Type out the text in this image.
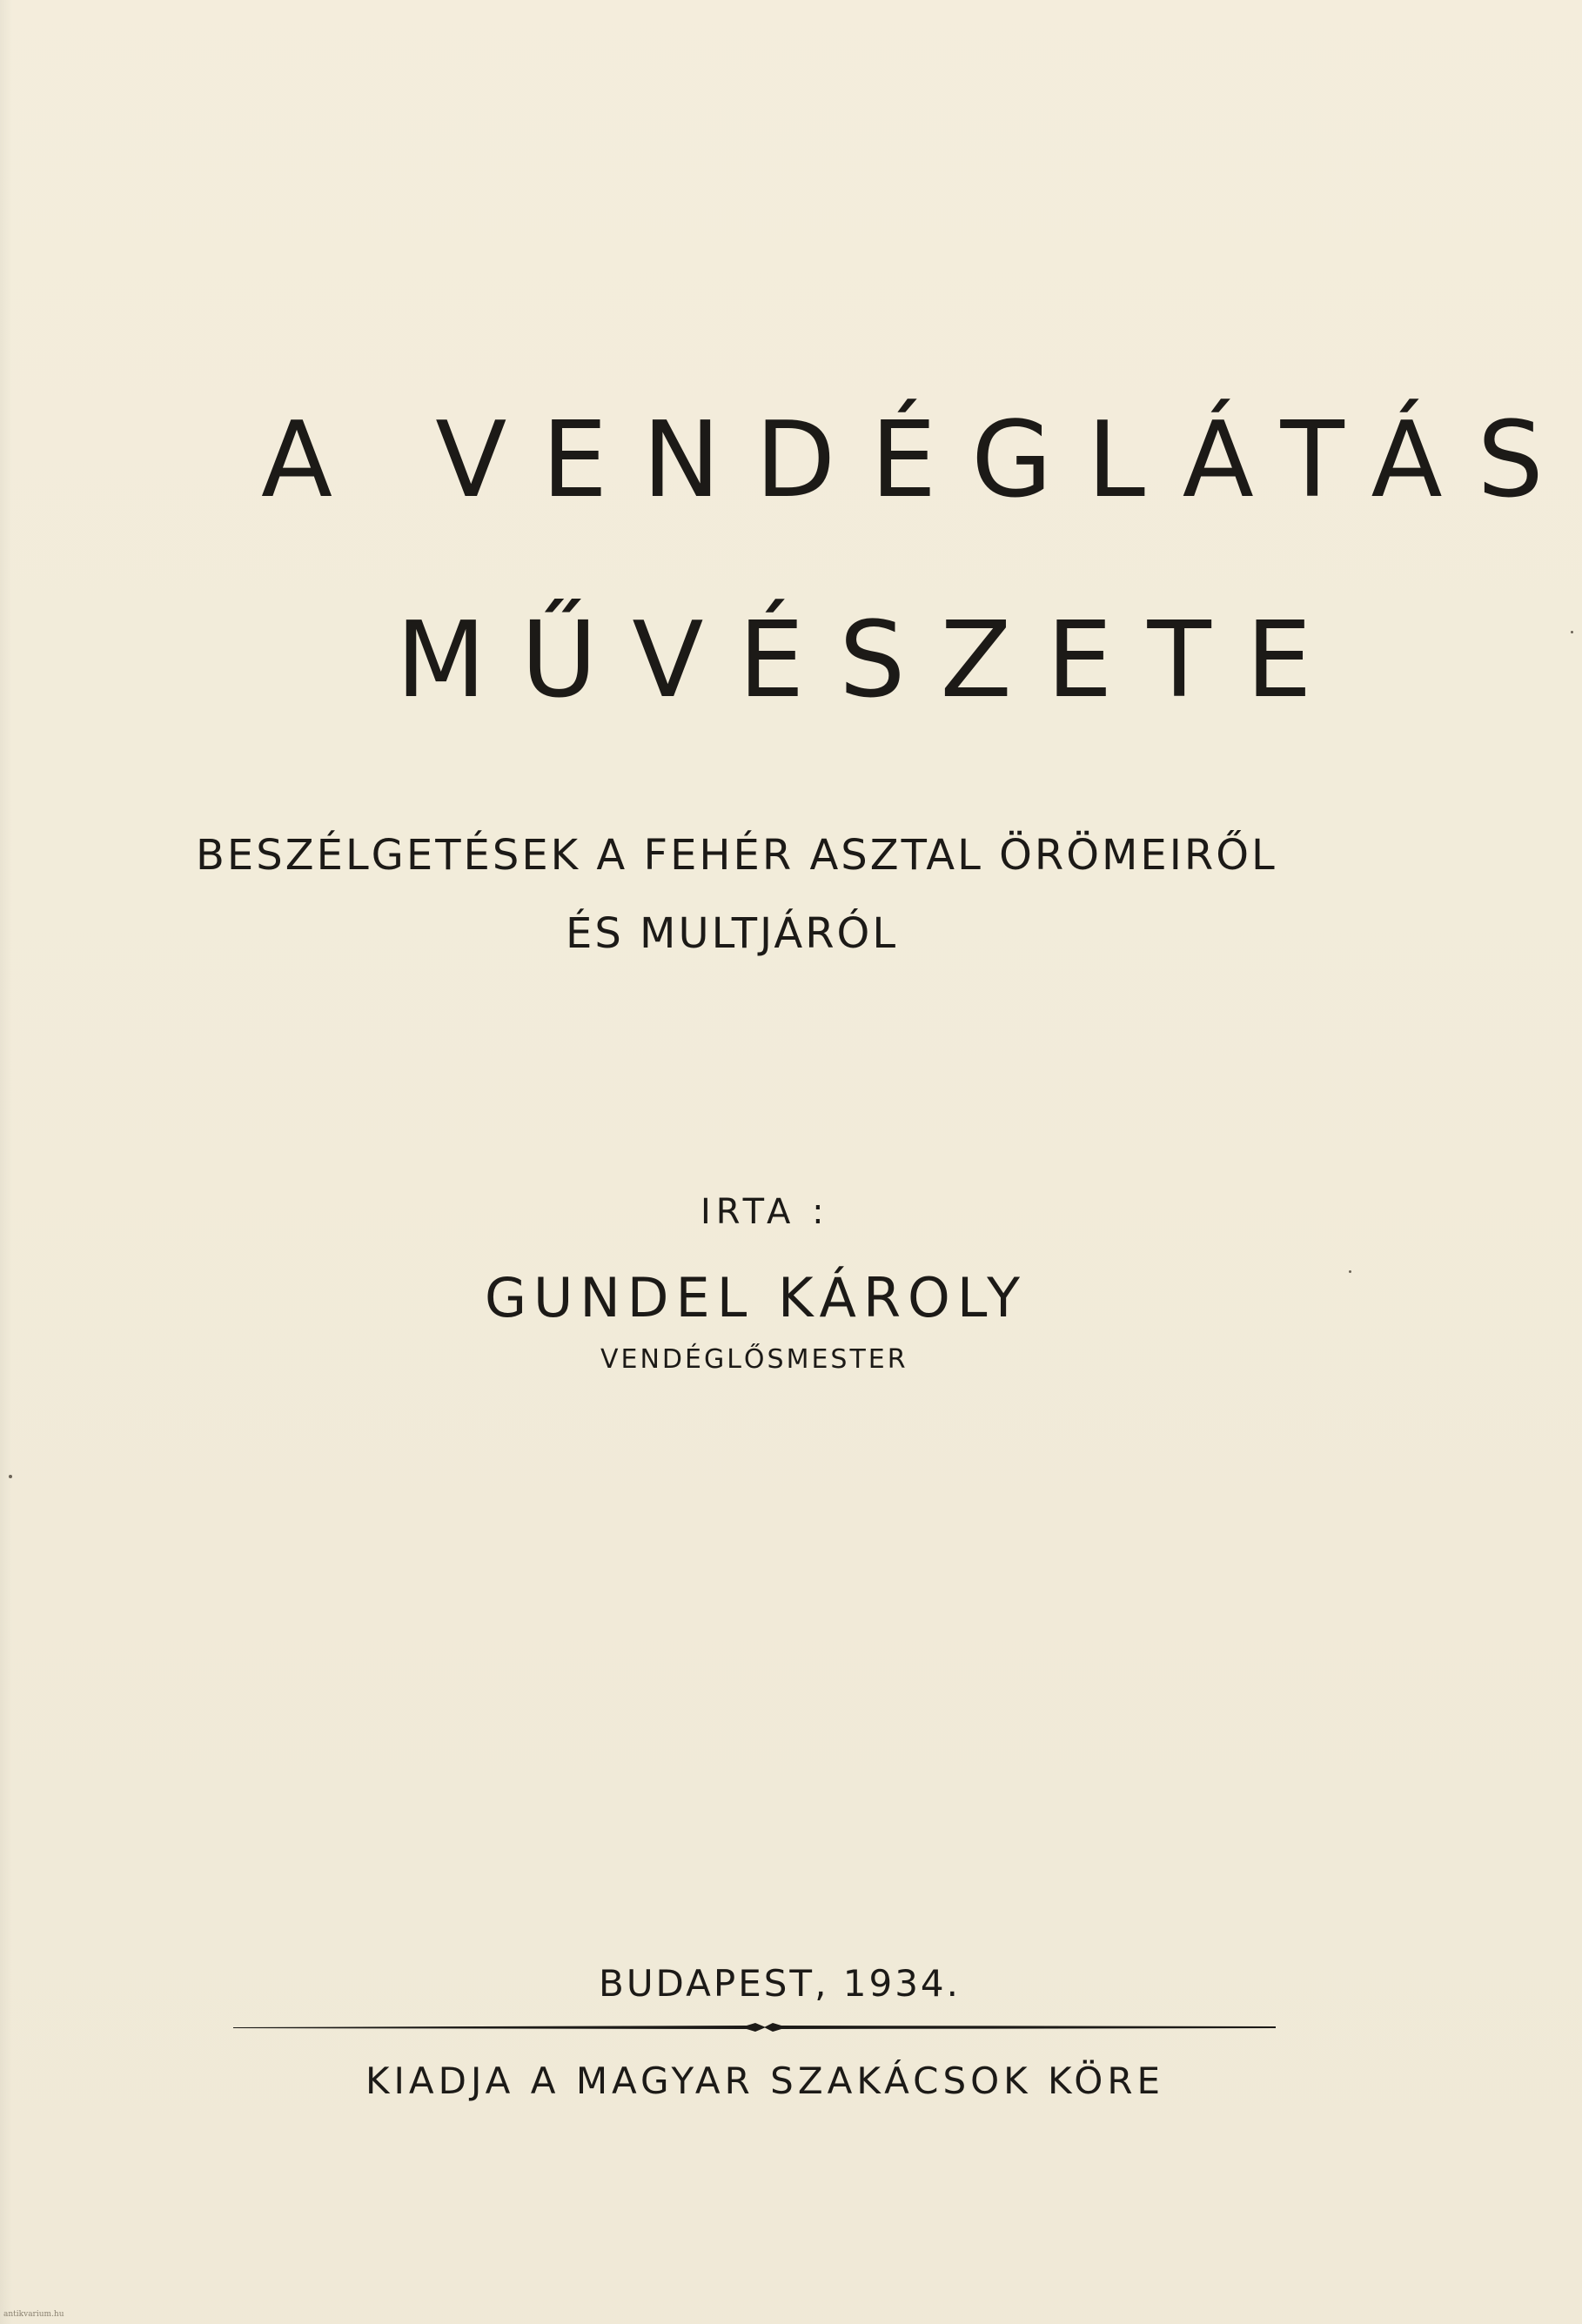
A VENDÉGLÁTÁS
MŰVÉSZETE
BESZÉLGETÉSEK A FEHÉR ASZTAL ÖRÖMEIRŐL
ÉS MULTJÁRÓL
IRTA :
GUNDEL KÁROLY
VENDÉGLŐSMESTER
BUDAPEST, 1934.
KIADJA A MAGYAR SZAKÁCSOK KÖRE
antikvarium.hu
